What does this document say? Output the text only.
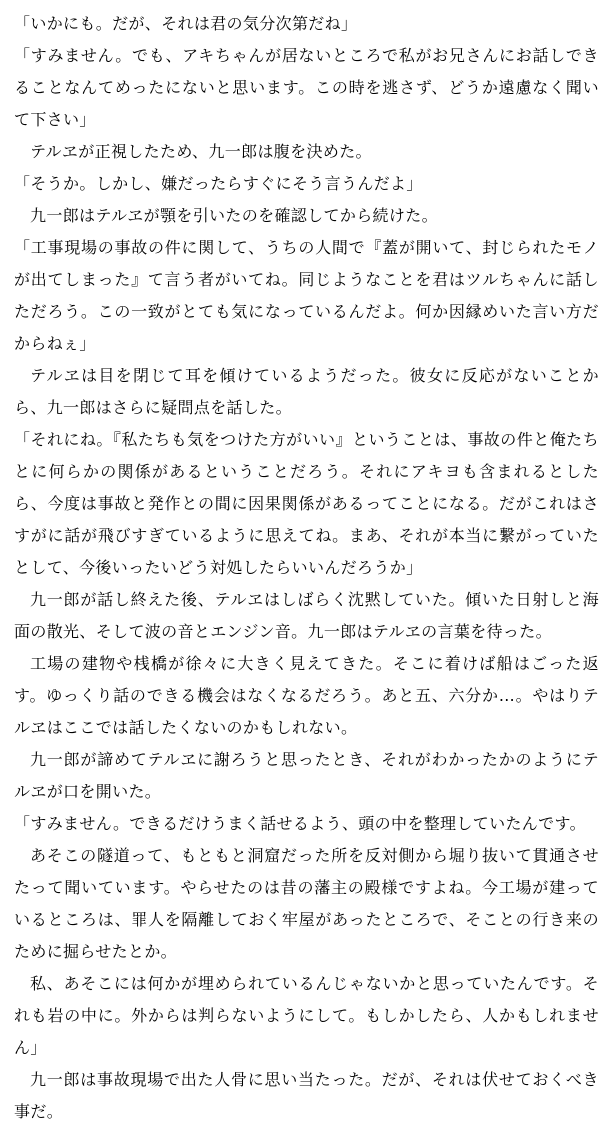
「いかにも。だが、それは君の気分次第だね」

「すみません。でも、アキちゃんが居ないところで私がお兄さんにお話しできることなんてめったにないと思います。この時を逃さず、どうか遠慮なく聞いて下さい」

テルヱが正視したため、九一郎は腹を決めた。

「そうか。しかし、嫌だったらすぐにそう言うんだよ」

九一郎はテルヱが顎を引いたのを確認してから続けた。

「工事現場の事故の件に関して、うちの人間で『蓋が開いて、封じられたモノが出てしまった』て言う者がいてね。同じようなことを君はツルちゃんに話しただろう。この一致がとても気になっているんだよ。何か因縁めいた言い方だからねぇ」

テルヱは目を閉じて耳を傾けているようだった。彼女に反応がないことから、九一郎はさらに疑問点を話した。

「それにね。『私たちも気をつけた方がいい』ということは、事故の件と俺たちとに何らかの関係があるということだろう。それにアキヨも含まれるとしたら、今度は事故と発作との間に因果関係があるってことになる。だがこれはさすがに話が飛びすぎているように思えてね。まあ、それが本当に繋がっていたとして、今後いったいどう対処したらいいんだろうか」

九一郎が話し終えた後、テルヱはしばらく沈黙していた。傾いた日射しと海面の散光、そして波の音とエンジン音。九一郎はテルヱの言葉を待った。

工場の建物や桟橋が徐々に大きく見えてきた。そこに着けば船はごった返す。ゆっくり話のできる機会はなくなるだろう。あと五、六分か…。やはりテルヱはここでは話したくないのかもしれない。

九一郎が諦めてテルヱに謝ろうと思ったとき、それがわかったかのようにテルヱが口を開いた。

「すみません。できるだけうまく話せるよう、頭の中を整理していたんです。

あそこの隧道って、もともと洞窟だった所を反対側から堀り抜いて貫通させたって聞いています。やらせたのは昔の藩主の殿様ですよね。今工場が建っているところは、罪人を隔離しておく牢屋があったところで、そことの行き来のために掘らせたとか。

私、あそこには何かが埋められているんじゃないかと思っていたんです。それも岩の中に。外からは判らないようにして。もしかしたら、人かもしれません」

九一郎は事故現場で出た人骨に思い当たった。だが、それは伏せておくべき事だ。
